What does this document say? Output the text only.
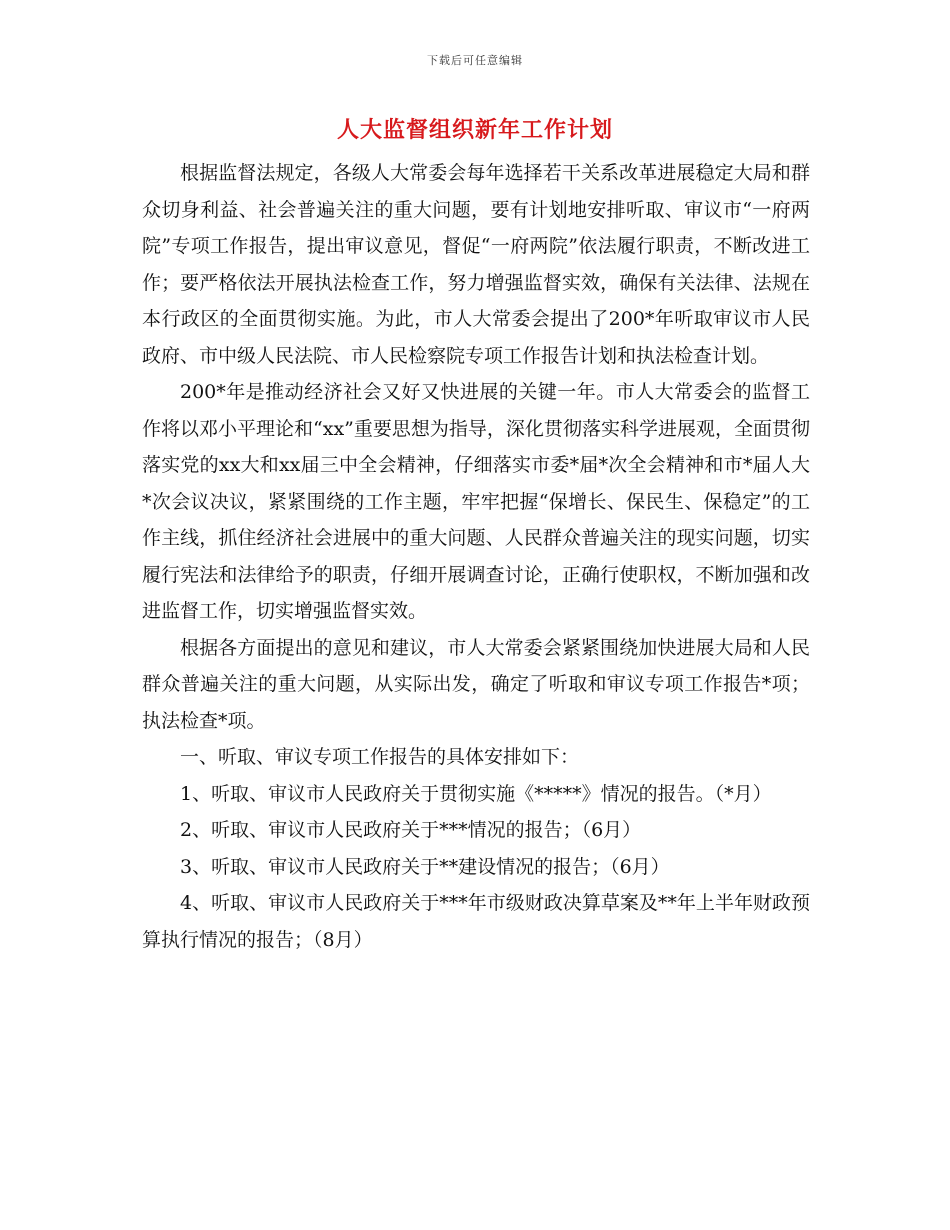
下载后可任意编辑
人大监督组织新年工作计划

根据监督法规定，各级人大常委会每年选择若干关系改革进展稳定大局和群众切身利益、社会普遍关注的重大问题，要有计划地安排听取、审议市“一府两院”专项工作报告，提出审议意见，督促“一府两院”依法履行职责，不断改进工作；要严格依法开展执法检查工作，努力增强监督实效，确保有关法律、法规在本行政区的全面贯彻实施。为此，市人大常委会提出了200*年听取审议市人民政府、市中级人民法院、市人民检察院专项工作报告计划和执法检查计划。

200*年是推动经济社会又好又快进展的关键一年。市人大常委会的监督工作将以邓小平理论和“xx”重要思想为指导，深化贯彻落实科学进展观，全面贯彻落实党的xx大和xx届三中全会精神，仔细落实市委*届*次全会精神和市*届人大*次会议决议，紧紧围绕的工作主题，牢牢把握“保增长、保民生、保稳定”的工作主线，抓住经济社会进展中的重大问题、人民群众普遍关注的现实问题，切实履行宪法和法律给予的职责，仔细开展调查讨论，正确行使职权，不断加强和改进监督工作，切实增强监督实效。

根据各方面提出的意见和建议，市人大常委会紧紧围绕加快进展大局和人民群众普遍关注的重大问题，从实际出发，确定了听取和审议专项工作报告*项；执法检查*项。

一、听取、审议专项工作报告的具体安排如下：

1、听取、审议市人民政府关于贯彻实施《*****》情况的报告。（*月）

2、听取、审议市人民政府关于***情况的报告；（6月）

3、听取、审议市人民政府关于**建设情况的报告；（6月）

4、听取、审议市人民政府关于***年市级财政决算草案及**年上半年财政预算执行情况的报告；（8月）
